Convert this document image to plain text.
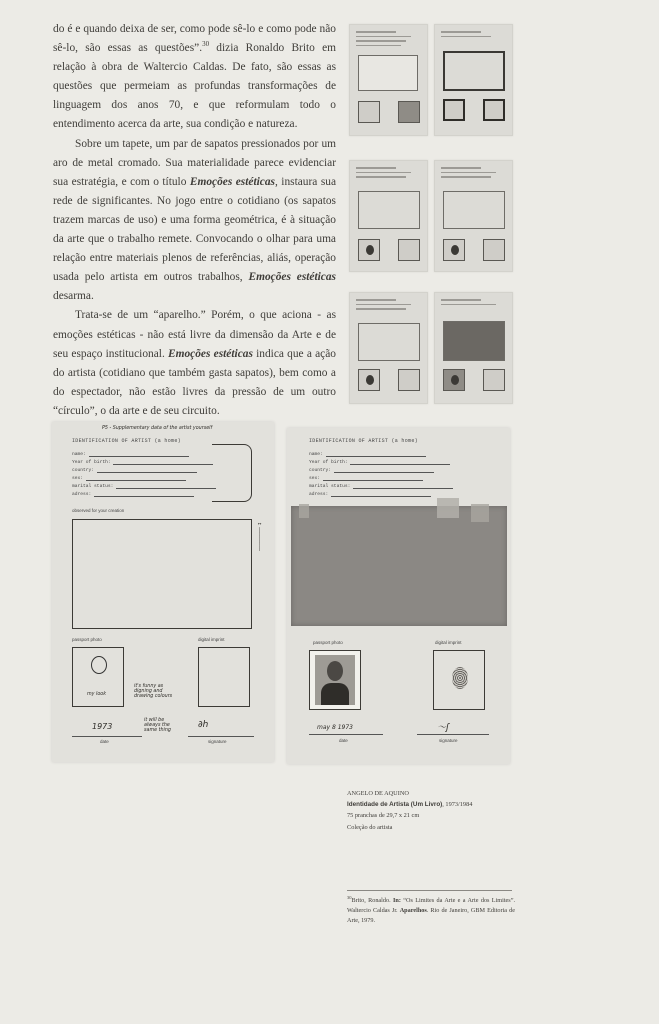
do é e quando deixa de ser, como pode sê-lo e como pode não sê-lo, são essas as questões”.$^{30}$ dizia Ronaldo Brito em relação à obra de Waltercio Caldas. De fato, são essas as questões que permeiam as profundas transformações de linguagem dos anos 70, e que reformulam todo o entendimento acerca da arte, sua condição e natureza.

Sobre um tapete, um par de sapatos pressionados por um aro de metal cromado. Sua materialidade parece evidenciar sua estratégia, e com o título Emoções estéticas, instaura sua rede de significantes. No jogo entre o cotidiano (os sapatos trazem marcas de uso) e uma forma geométrica, é à situação da arte que o trabalho remete. Convocando o olhar para uma relação entre materiais plenos de referências, aliás, operação usada pelo artista em outros trabalhos, Emoções estéticas desarma.

Trata-se de um “aparelho.” Porém, o que aciona - as emoções estéticas - não está livre da dimensão da Arte e de seu espaço institucional. Emoções estéticas indica que a ação do artista (cotidiano que também gasta sapatos), bem como a do espectador, não estão livres da pressão de um outro “círculo”, o da arte e de seu circuito.

P5 - Supplementary data of the artist yourself
IDENTIFICATION OF ARTIST (a home)
name:
Year of birth:
country:
sex:
marital status:
adress:
observed for your creation
↕ ─────────
passport photo	digital imprint
my look
it's funny as digning and drawing colours
it will be always the same thing
1973	∂h
date	signature
IDENTIFICATION OF ARTIST (a home)
name:
Year of birth:
country:
sex:
marital status:
adress:
passport photo	digital imprint
may 8 1973	〜ʃ
date	signature
ANGELO DE AQUINO
Identidade de Artista (Um Livro), 1973/1984
75 pranchas de 29,7 x 21 cm
Coleção do artista
$^{30}$Brito, Ronaldo. In: “Os Limites da Arte e a Arte dos Limites”. Waltercio Caldas Jr. Aparelhos. Rio de Janeiro, GBM Editoria de Arte, 1979.
